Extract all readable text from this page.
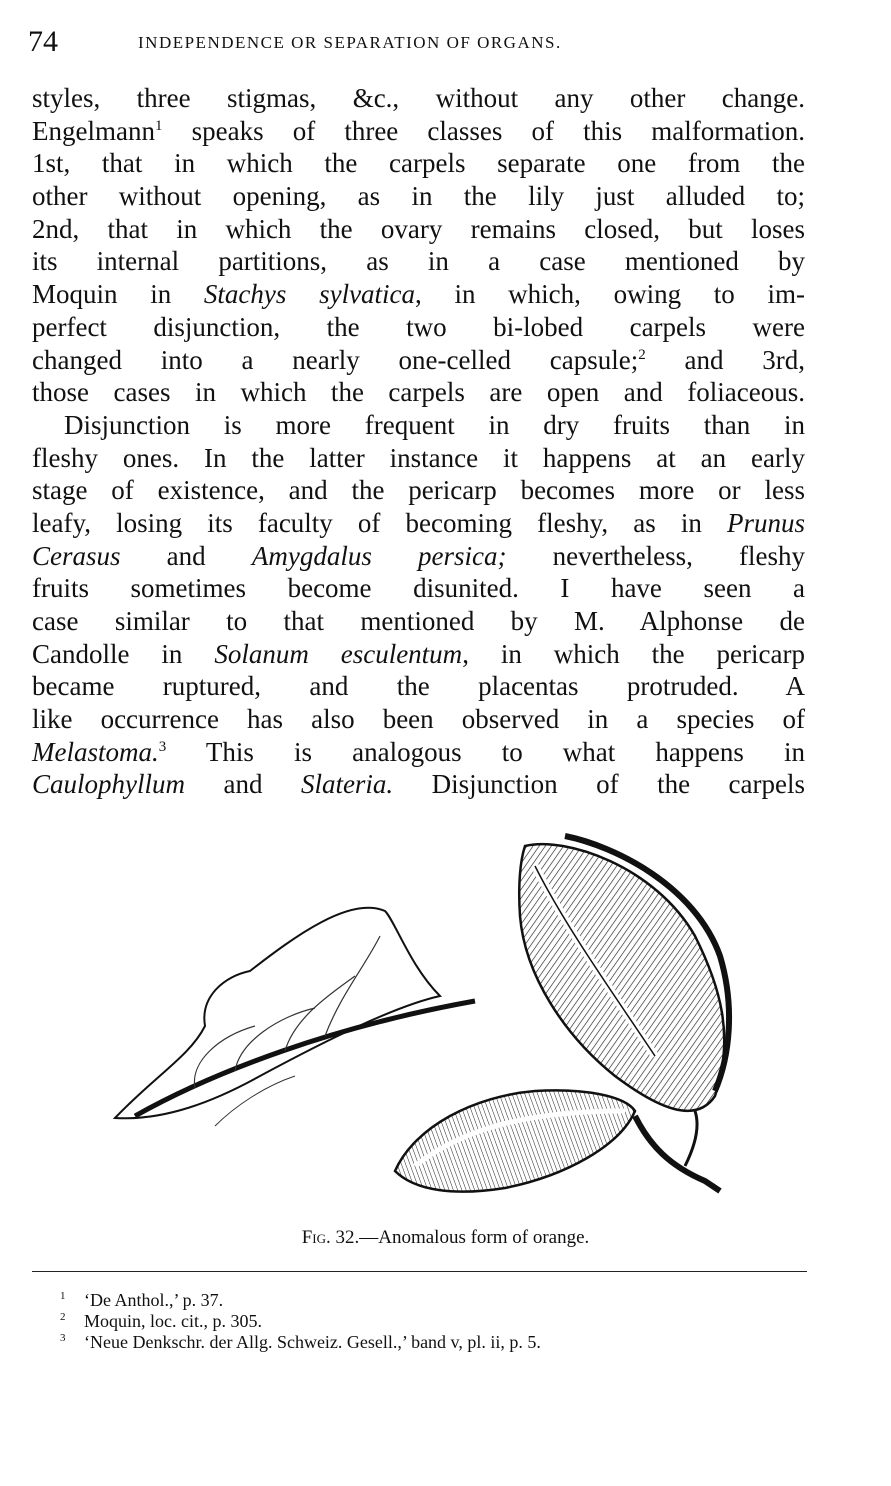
74	INDEPENDENCE OR SEPARATION OF ORGANS.
styles, three stigmas, &c., without any other change.
Engelmann$^1$ speaks of three classes of this malformation.
1st, that in which the carpels separate one from the
other without opening, as in the lily just alluded to;
2nd, that in which the ovary remains closed, but loses
its internal partitions, as in a case mentioned by
Moquin in Stachys sylvatica, in which, owing to im-
perfect disjunction, the two bi-lobed carpels were
changed into a nearly one-celled capsule;$^2$ and 3rd,
those cases in which the carpels are open and foliaceous.
Disjunction is more frequent in dry fruits than in
fleshy ones. In the latter instance it happens at an early
stage of existence, and the pericarp becomes more or less
leafy, losing its faculty of becoming fleshy, as in Prunus
Cerasus and Amygdalus persica; nevertheless, fleshy
fruits sometimes become disunited. I have seen a
case similar to that mentioned by M. Alphonse de
Candolle in Solanum esculentum, in which the pericarp
became ruptured, and the placentas protruded. A
like occurrence has also been observed in a species of
Melastoma.$^3$ This is analogous to what happens in
Caulophyllum and Slateria. Disjunction of the carpels
Fig. 32.—Anomalous form of orange.
1 ‘De Anthol.,’ p. 37.
2 Moquin, loc. cit., p. 305.
3 ‘Neue Denkschr. der Allg. Schweiz. Gesell.,’ band v, pl. ii, p. 5.
